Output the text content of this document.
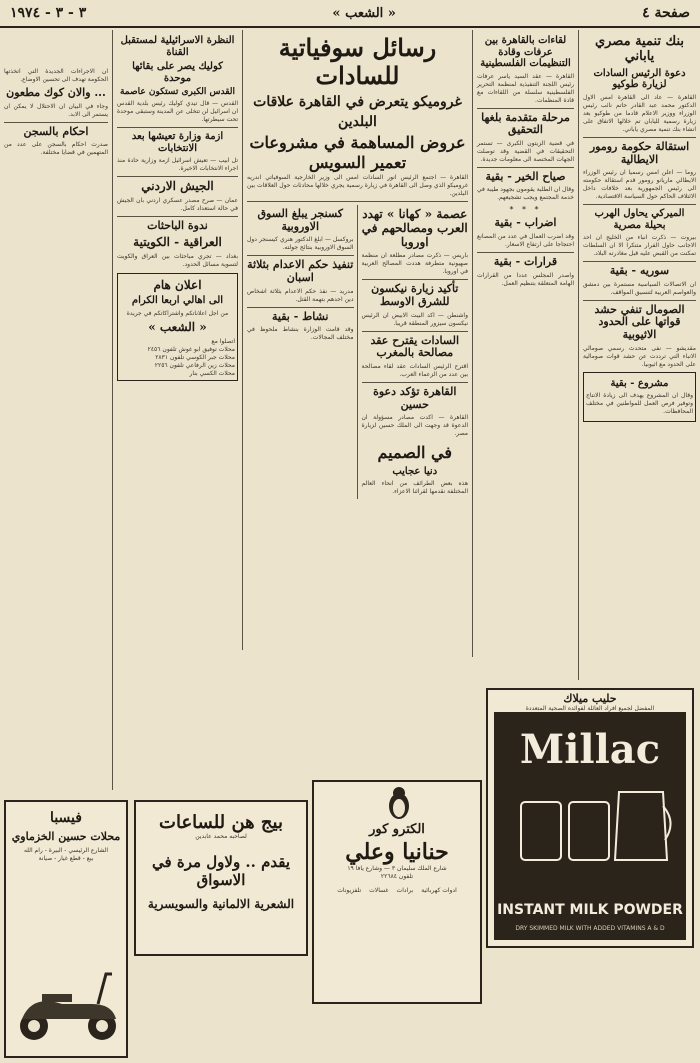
صفحة ٤
« الشعب »
٣ - ٣ - ١٩٧٤
بنك تنمية مصري ياباني
دعوة الرئيس السادات لزيارة طوكيو
القاهرة — عاد الى القاهرة امس الاول الدكتور محمد عبد القادر حاتم نائب رئيس الوزراء ووزير الاعلام قادما من طوكيو بعد زيارة رسمية لليابان تم خلالها الاتفاق على انشاء بنك تنمية مصري ياباني.
استقالة حكومة رومور الايطالية
روما — اعلن امس رسميا ان رئيس الوزراء الايطالي ماريانو رومور قدم استقالة حكومته الى رئيس الجمهورية بعد خلافات داخل الائتلاف الحاكم حول السياسة الاقتصادية.
الميركي يحاول الهرب بحيلة مصرية
بيروت — ذكرت انباء من الخليج ان احد الاجانب حاول الفرار متنكرا الا ان السلطات تمكنت من القبض عليه قبل مغادرته البلاد.
سوريه - بقية
ان الاتصالات السياسية مستمرة بين دمشق والعواصم العربية لتنسيق المواقف.
الصومال تنفي حشد قواتها على الحدود الاثيوبية
مقديشو — نفى متحدث رسمي صومالي الانباء التي ترددت عن حشد قوات صومالية على الحدود مع اثيوبيا.
مشروع - بقية
وقال ان المشروع يهدف الى زيادة الانتاج وتوفير فرص العمل للمواطنين في مختلف المحافظات.
لقاءات بالقاهرة بين عرفات وقادة التنظيمات الفلسطينية
القاهرة — عقد السيد ياسر عرفات رئيس اللجنة التنفيذية لمنظمة التحرير الفلسطينية سلسلة من اللقاءات مع قادة المنظمات.
مرحلة متقدمة بلغها التحقيق
في قضية الزيتون الكبرى — تستمر التحقيقات في القضية وقد توصلت الجهات المختصة الى معلومات جديدة.
صياح الخير - بقية
وقال ان الطلبة يقومون بجهود طيبة في خدمة المجتمع ويجب تشجيعهم.
* * *
اضراب - بقية
وقد اضرب العمال في عدد من المصانع احتجاجا على ارتفاع الاسعار.
قرارات - بقية
واصدر المجلس عددا من القرارات الهامة المتعلقة بتنظيم العمل.
رسائل سوفياتية للسادات
غروميكو يتعرض في القاهرة علاقات البلدين
عروض المساهمة في مشروعات تعمير السويس
القاهرة — اجتمع الرئيس انور السادات امس الى وزير الخارجية السوفياتي اندريه غروميكو الذي وصل الى القاهرة في زيارة رسمية يجري خلالها محادثات حول العلاقات بين البلدين.
عصمة « كهانا » تهدد العرب ومصالحهم في اوروبا
باريس — ذكرت مصادر مطلعة ان منظمة صهيونية متطرفة هددت المصالح العربية في اوروبا.
تأكيد زيارة نيكسون للشرق الاوسط
واشنطن — اكد البيت الابيض ان الرئيس نيكسون سيزور المنطقة قريبا.
السادات يقترح عقد مصالحة بالمغرب
اقترح الرئيس السادات عقد لقاء مصالحة بين عدد من الزعماء العرب.
القاهرة تؤكد دعوة حسين
القاهرة — اكدت مصادر مسؤولة ان الدعوة قد وجهت الى الملك حسين لزيارة مصر.
في الصميم
دنيا عجايب
هذه بعض الطرائف من انحاء العالم المختلفة نقدمها لقرائنا الاعزاء.
كسنجر يبلغ السوق الاوروبية
بروكسل — ابلغ الدكتور هنري كيسنجر دول السوق الاوروبية بنتائج جولته.
تنفيذ حكم الاعدام بثلاثة اسبان
مدريد — نفذ حكم الاعدام بثلاثة اشخاص دين احدهم بتهمة القتل.
نشاط - بقية
وقد قامت الوزارة بنشاط ملحوظ في مختلف المجالات.
النظرة الاسرائيلية لمستقبل القناة
كوليك يصر على بقائها موحدة
القدس الكبرى تستكون عاصمة
القدس — قال تيدي كوليك رئيس بلدية القدس ان اسرائيل لن تتخلى عن المدينة وستبقى موحدة تحت سيطرتها.
ازمة وزارة تعيشها بعد الانتخابات
تل ابيب — تعيش اسرائيل ازمة وزارية حادة منذ اجراء الانتخابات الاخيرة.
الجيش الاردني
عمان — صرح مصدر عسكري اردني بان الجيش في حالة استعداد كامل.
ندوة الباحثات
العراقية - الكويتية
بغداد — تجري مباحثات بين العراق والكويت لتسوية مسائل الحدود.
اعلان هام
الى اهالي اربعا الكرام
من اجل اعلاناتكم واشتراكاتكم في جريدة
« الشعب »
اتصلوا مع
محلات توفيق ابو غوش تلفون ٢٤٥٦
محلات جبر الكوسي تلفون ٢٨٣١
محلات زين الرفاعي تلفون ٢٢٥٦
محلات الكسي بنار
ان الاجراءات الجديدة التي اتخذتها الحكومة تهدف الى تحسين الاوضاع.
... والان كوك مطعون
وجاء في البيان ان الاحتلال لا يمكن ان يستمر الى الابد.
احكام بالسجن
صدرت احكام بالسجن على عدد من المتهمين في قضايا مختلفة.
فيسبا
محلات حسين الخزماوي
الشارع الرئيسي - البيرة - رام الله
بيع - قطع غيار - صيانة
بيج هن للساعات
لصاحبه محمد عابدين
يقدم .. ولاول مرة في الاسواق
الشعرية الالمانية والسويسرية
الكترو كور
حنانيا وعلي
شارع الملك سليمان ٣ — وشارع يافا ١٩
تلفون ٢٢٦٨٤
ادوات كهربائية
برادات
غسالات
تلفزيونات
حليب ميلاك
المفضل لجميع افراد العائلة لفوائده الصحية المتعددة
Millac
INSTANT MILK POWDER
DRY SKIMMED MILK WITH ADDED VITAMINS A & D
